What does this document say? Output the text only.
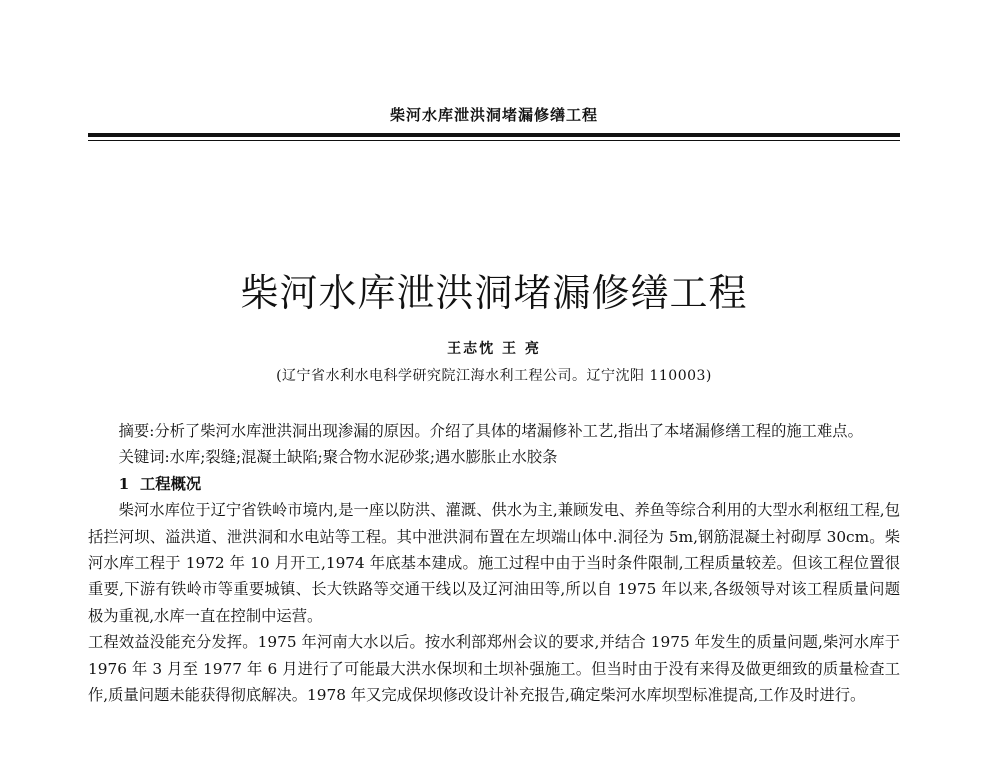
柴河水库泄洪洞堵漏修缮工程
柴河水库泄洪洞堵漏修缮工程
王志忱 王 亮
(辽宁省水利水电科学研究院江海水利工程公司。辽宁沈阳 110003)

摘要:分析了柴河水库泄洪洞出现渗漏的原因。介绍了具体的堵漏修补工艺,指出了本堵漏修缮工程的施工难点。

关键词:水库;裂缝;混凝土缺陷;聚合物水泥砂浆;遇水膨胀止水胶条

1 工程概况

柴河水库位于辽宁省铁岭市境内,是一座以防洪、灌溉、供水为主,兼顾发电、养鱼等综合利用的大型水利枢纽工程,包括拦河坝、溢洪道、泄洪洞和水电站等工程。其中泄洪洞布置在左坝端山体中.洞径为 5m,钢筋混凝土衬砌厚 30cm。柴河水库工程于 1972 年 10 月开工,1974 年底基本建成。施工过程中由于当时条件限制,工程质量较差。但该工程位置很重要,下游有铁岭市等重要城镇、长大铁路等交通干线以及辽河油田等,所以自 1975 年以来,各级领导对该工程质量问题极为重视,水库一直在控制中运营。

工程效益没能充分发挥。1975 年河南大水以后。按水利部郑州会议的要求,并结合 1975 年发生的质量问题,柴河水库于 1976 年 3 月至 1977 年 6 月进行了可能最大洪水保坝和土坝补强施工。但当时由于没有来得及做更细致的质量检查工作,质量问题未能获得彻底解决。1978 年又完成保坝修改设计补充报告,确定柴河水库坝型标准提高,工作及时进行。
